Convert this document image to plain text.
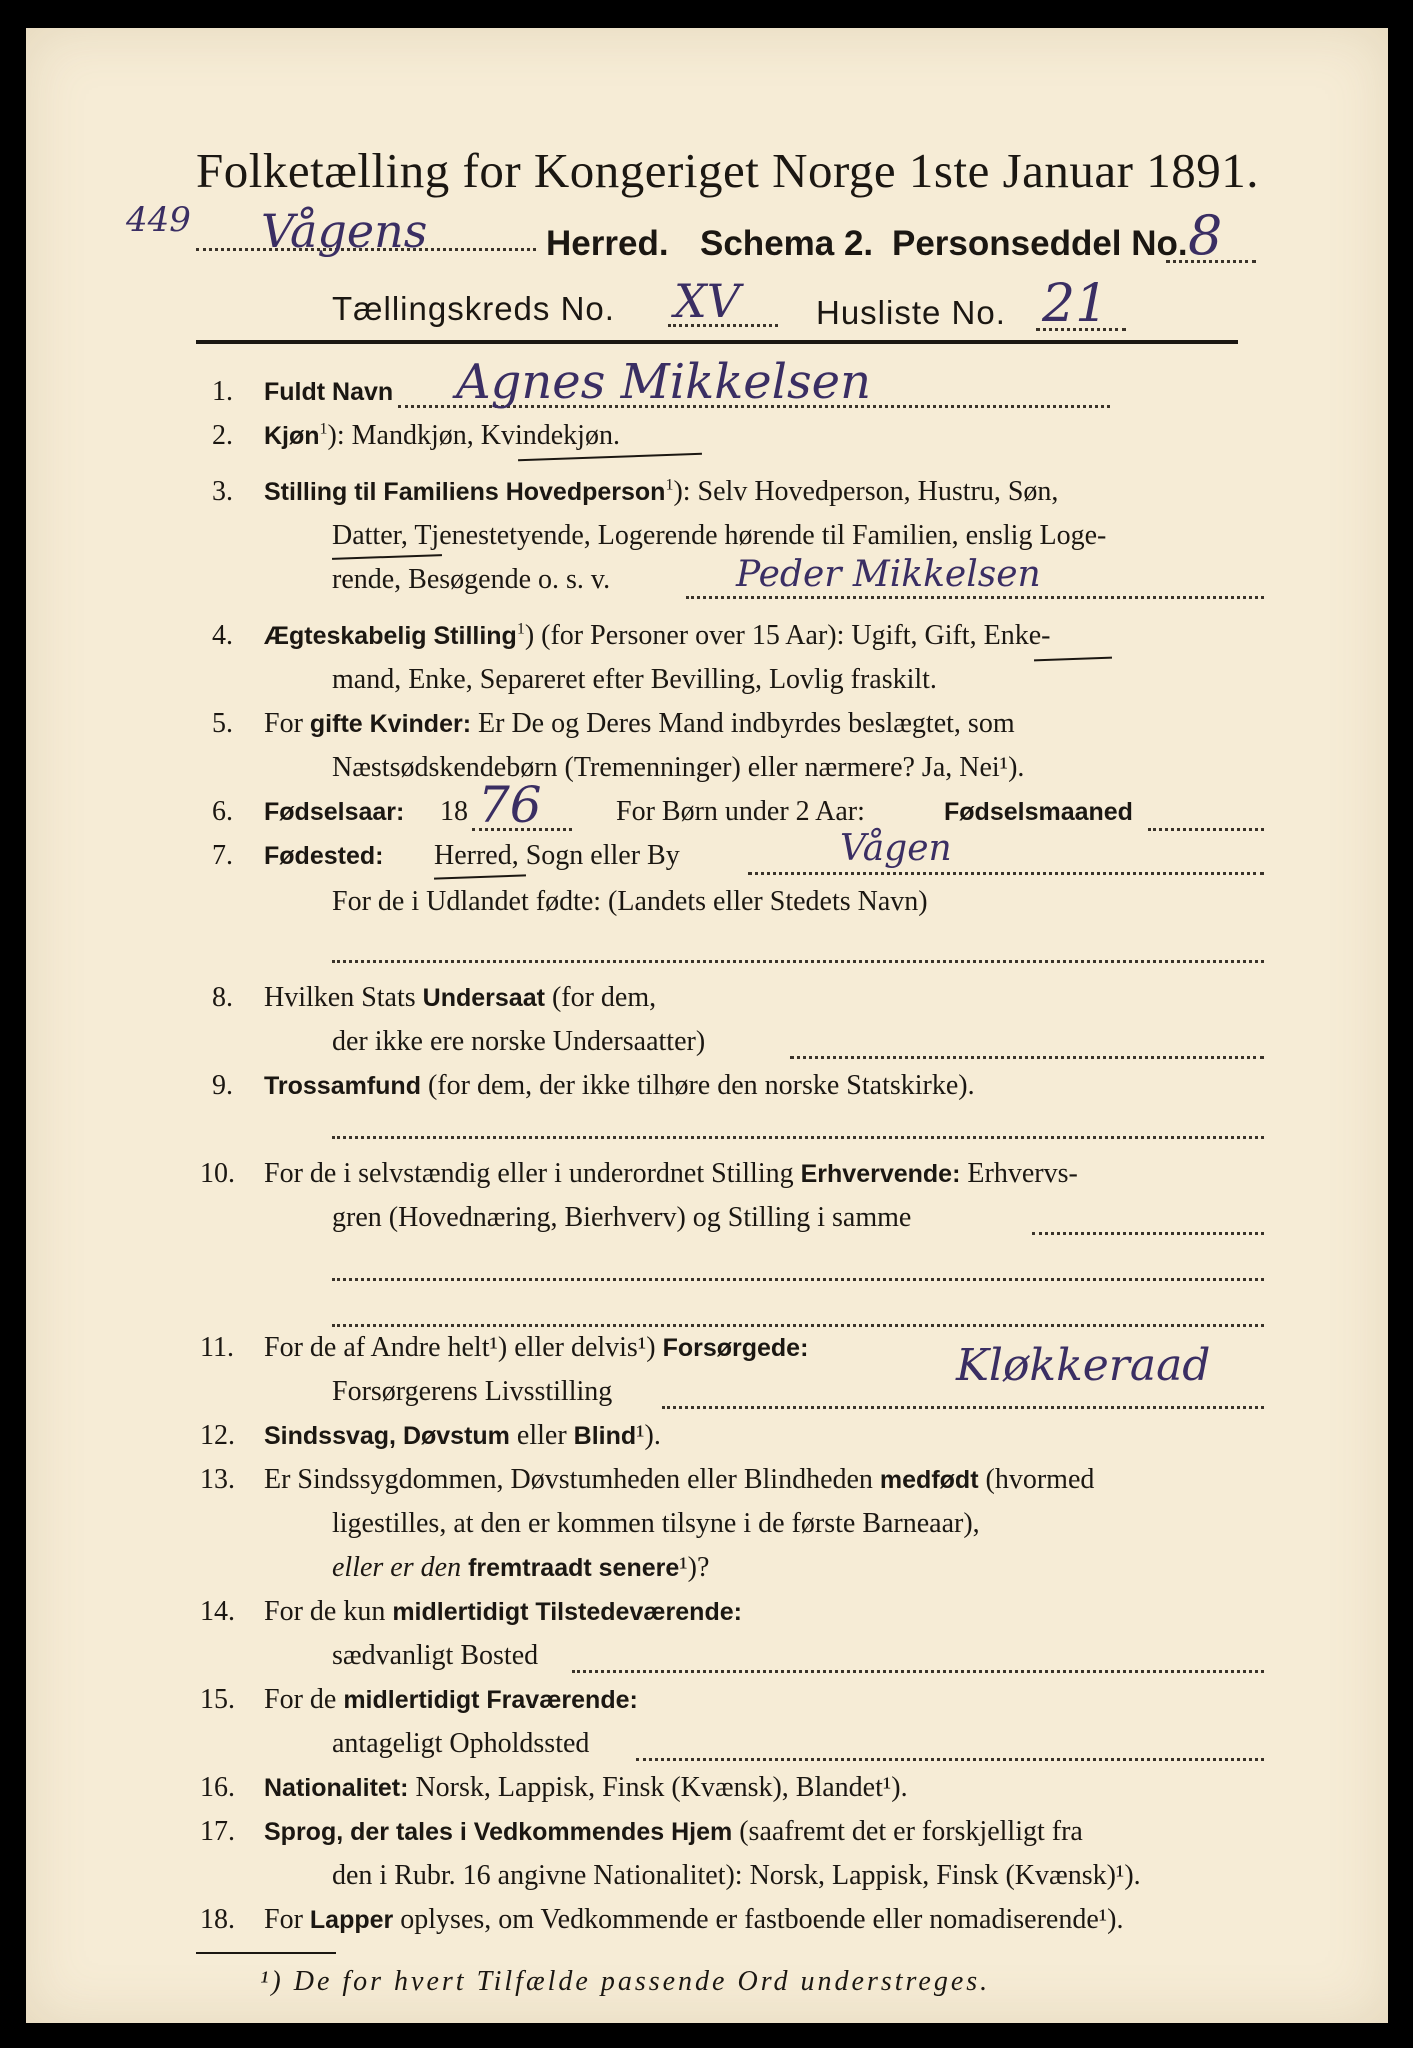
Folketælling for Kongeriget Norge 1ste Januar 1891.
449 Vågens	Herred. Schema 2. Personseddel No. 8
Tællingskreds No. XV Husliste No. 21
1. Fuldt Navn Agnes Mikkelsen
2. Kjøn$^1$): Mandkjøn, Kvindekjøn.
3. Stilling til Familiens Hovedperson$^1$): Selv Hovedperson, Hustru, Søn,
Datter, Tjenestetyende, Logerende hørende til Familien, enslig Loge-
rende, Besøgende o. s. v.	Peder Mikkelsen
4. Ægteskabelig Stilling$^1$) (for Personer over 15 Aar): Ugift, Gift, Enke-
mand, Enke, Separeret efter Bevilling, Lovlig fraskilt.
5. For gifte Kvinder: Er De og Deres Mand indbyrdes beslægtet, som
Næstsødskendebørn (Tremenninger) eller nærmere? Ja, Nei¹).
6. Fødselsaar: 18 76	For Børn under 2 Aar:	Fødselsmaaned
7. Fødested: Herred, Sogn eller By	Vågen
For de i Udlandet fødte: (Landets eller Stedets Navn)
8. Hvilken Stats Undersaat (for dem,
der ikke ere norske Undersaatter)
9. Trossamfund (for dem, der ikke tilhøre den norske Statskirke).
10. For de i selvstændig eller i underordnet Stilling Erhvervende: Erhvervs-
gren (Hovednæring, Bierhverv) og Stilling i samme
11. For de af Andre helt¹) eller delvis¹) Forsørgede:
Forsørgerens Livsstilling
Kløkkeraad
12. Sindssvag, Døvstum eller Blind¹).
13. Er Sindssygdommen, Døvstumheden eller Blindheden medfødt (hvormed
ligestilles, at den er kommen tilsyne i de første Barneaar),
eller er den fremtraadt senere¹)?
14. For de kun midlertidigt Tilstedeværende:
sædvanligt Bosted
15. For de midlertidigt Fraværende:
antageligt Opholdssted
16. Nationalitet: Norsk, Lappisk, Finsk (Kvænsk), Blandet¹).
17. Sprog, der tales i Vedkommendes Hjem (saafremt det er forskjelligt fra
den i Rubr. 16 angivne Nationalitet): Norsk, Lappisk, Finsk (Kvænsk)¹).
18. For Lapper oplyses, om Vedkommende er fastboende eller nomadiserende¹).
¹) De for hvert Tilfælde passende Ord understreges.
